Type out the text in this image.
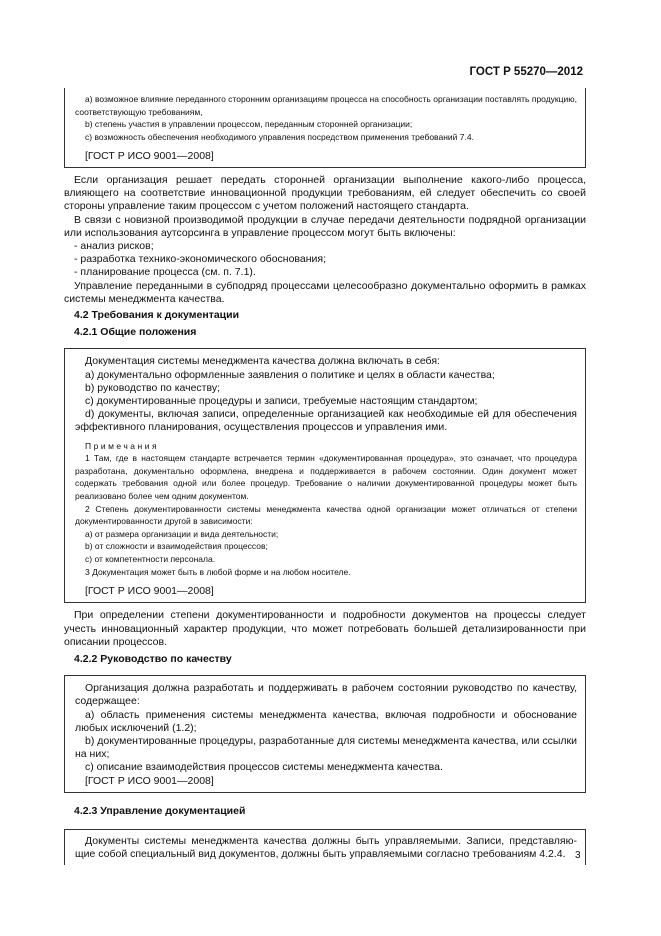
ГОСТ Р 55270—2012

a) возможное влияние переданного сторонним организациям процесса на способность организации поставлять продукцию, соответствующую требованиям,

b) степень участия в управлении процессом, переданным сторонней организации;

c) возможность обеспечения необходимого управления посредством применения требований 7.4.

[ГОСТ Р ИСО 9001—2008]

Если организация решает передать сторонней организации выполнение какого-либо процесса, влияющего на соответствие инновационной продукции требованиям, ей следует обеспечить со своей стороны управление таким процессом с учетом положений настоящего стандарта.

В связи с новизной производимой продукции в случае передачи деятельности подрядной организации или использования аутсорсинга в управление процессом могут быть включены:

- анализ рисков;

- разработка технико-экономического обоснования;

- планирование процесса (см. п. 7.1).

Управление переданными в субподряд процессами целесообразно документально оформить в рамках системы менеджмента качества.

4.2 Требования к документации

4.2.1 Общие положения

Документация системы менеджмента качества должна включать в себя:

a) документально оформленные заявления о политике и целях в области качества;

b) руководство по качеству;

c) документированные процедуры и записи, требуемые настоящим стандартом;

d) документы, включая записи, определенные организацией как необходимые ей для обеспечения эффективного планирования, осуществления процессов и управления ими.

Примечания

1 Там, где в настоящем стандарте встречается термин «документированная процедура», это означает, что процедура разработана, документально оформлена, внедрена и поддерживается в рабочем состоянии. Один документ может содержать требования одной или более процедур. Требование о наличии документированной процедуры может быть реализовано более чем одним документом.

2 Степень документированности системы менеджмента качества одной организации может отличаться от степени документированности другой в зависимости:

a) от размера организации и вида деятельности;

b) от сложности и взаимодействия процессов;

c) от компетентности персонала.

3 Документация может быть в любой форме и на любом носителе.

[ГОСТ Р ИСО 9001—2008]

При определении степени документированности и подробности документов на процессы следует учесть инновационный характер продукции, что может потребовать большей детализированности при описании процессов.

4.2.2 Руководство по качеству

Организация должна разработать и поддерживать в рабочем состоянии руководство по качеству, содержащее:

a) область применения системы менеджмента качества, включая подробности и обоснование любых исключений (1.2);

b) документированные процедуры, разработанные для системы менеджмента качества, или ссылки на них;

c) описание взаимодействия процессов системы менеджмента качества.

[ГОСТ Р ИСО 9001—2008]

4.2.3 Управление документацией

Документы системы менеджмента качества должны быть управляемыми. Записи, представляю-

щие собой специальный вид документов, должны быть управляемыми согласно требованиям 4.2.4. 3
